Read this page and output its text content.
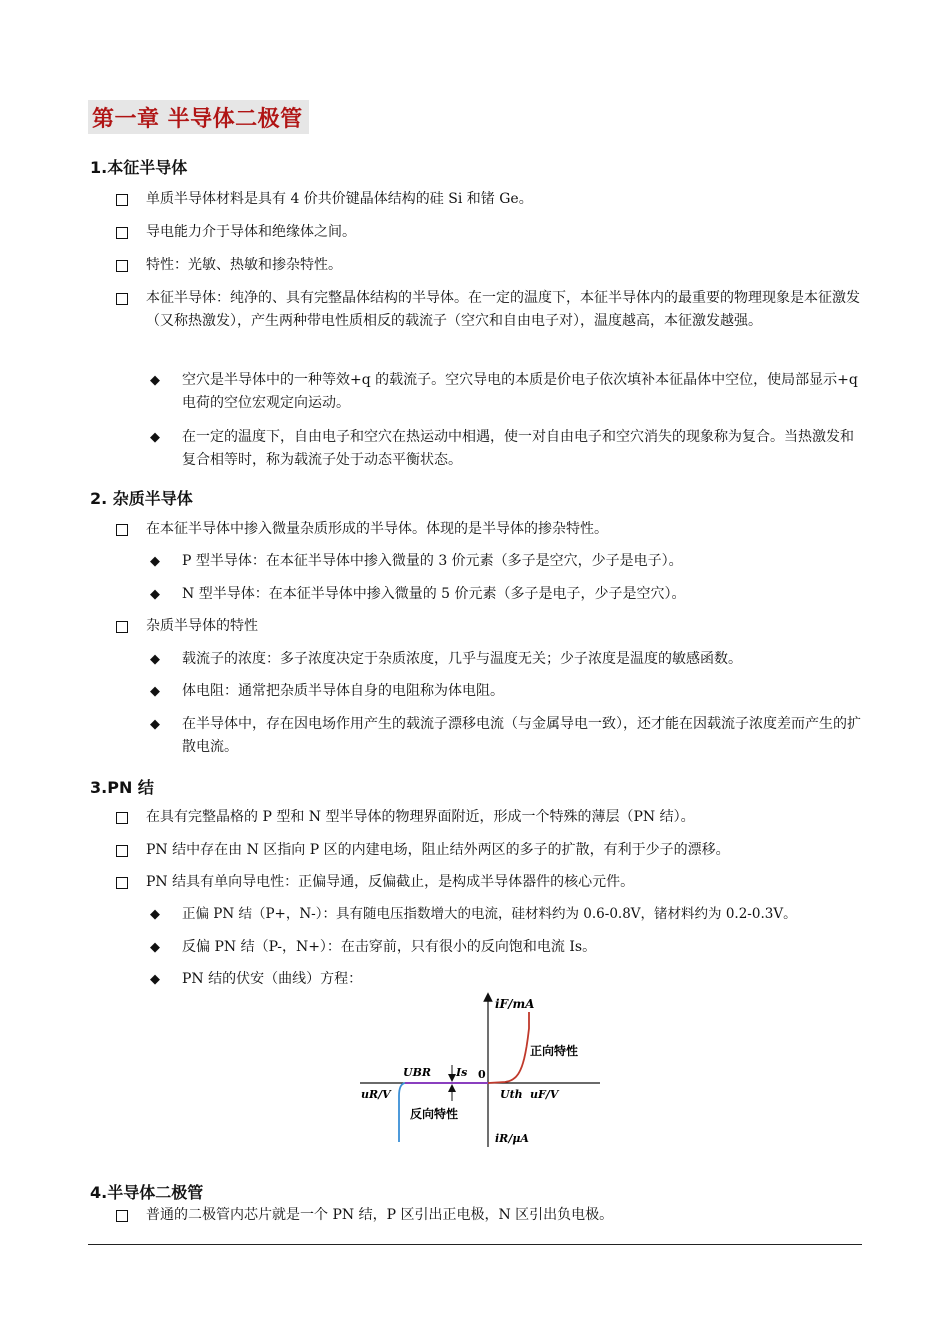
第一章 半导体二极管
1.本征半导体
单质半导体材料是具有 4 价共价键晶体结构的硅 Si 和锗 Ge。
导电能力介于导体和绝缘体之间。
特性：光敏、热敏和掺杂特性。
本征半导体：纯净的、具有完整晶体结构的半导体。在一定的温度下，本征半导体内的最重要的物理现象是本征激发（又称热激发），产生两种带电性质相反的载流子（空穴和自由电子对），温度越高，本征激发越强。
◆	空穴是半导体中的一种等效+q 的载流子。空穴导电的本质是价电子依次填补本征晶体中空位，使局部显示+q 电荷的空位宏观定向运动。
◆	在一定的温度下，自由电子和空穴在热运动中相遇，使一对自由电子和空穴消失的现象称为复合。当热激发和复合相等时，称为载流子处于动态平衡状态。
2. 杂质半导体
在本征半导体中掺入微量杂质形成的半导体。体现的是半导体的掺杂特性。
◆	P 型半导体：在本征半导体中掺入微量的 3 价元素（多子是空穴，少子是电子）。
◆	N 型半导体：在本征半导体中掺入微量的 5 价元素（多子是电子，少子是空穴）。
杂质半导体的特性
◆	载流子的浓度：多子浓度决定于杂质浓度，几乎与温度无关；少子浓度是温度的敏感函数。
◆	体电阻：通常把杂质半导体自身的电阻称为体电阻。
◆	在半导体中，存在因电场作用产生的载流子漂移电流（与金属导电一致），还才能在因载流子浓度差而产生的扩散电流。
3.PN 结
在具有完整晶格的 P 型和 N 型半导体的物理界面附近，形成一个特殊的薄层（PN 结）。
PN 结中存在由 N 区指向 P 区的内建电场，阻止结外两区的多子的扩散，有利于少子的漂移。
PN 结具有单向导电性：正偏导通，反偏截止，是构成半导体器件的核心元件。
◆	正偏 PN 结（P+，N-）：具有随电压指数增大的电流，硅材料约为 0.6-0.8V，锗材料约为 0.2-0.3V。
◆	反偏 PN 结（P-，N+）：在击穿前，只有很小的反向饱和电流 Is。
◆	PN 结的伏安（曲线）方程：
iF/mA
正向特性
UBR Is 0
uR/V	Uth uF/V
反向特性
iR/μA
4.半导体二极管
普通的二极管内芯片就是一个 PN 结，P 区引出正电极，N 区引出负电极。
